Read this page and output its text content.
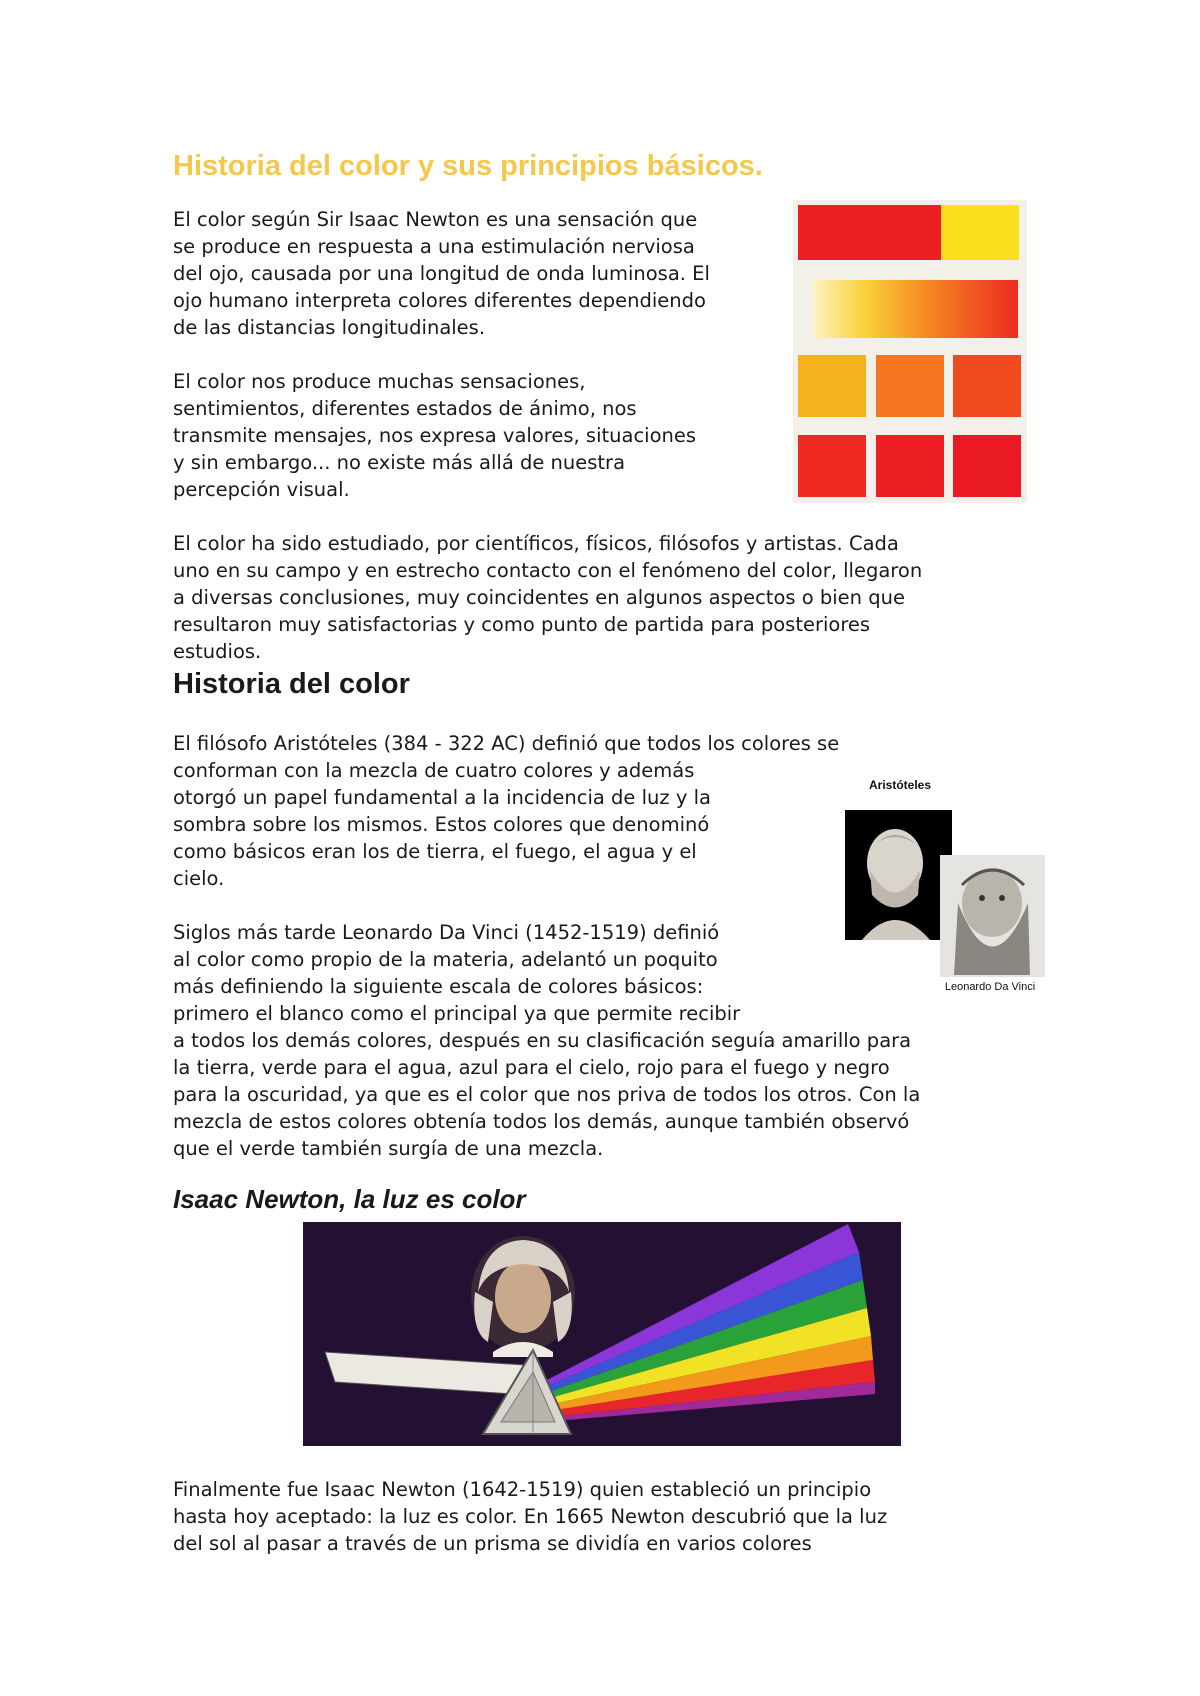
Historia del color y sus principios básicos.

El color según Sir Isaac Newton es una sensación que
se produce en respuesta a una estimulación nerviosa
del ojo, causada por una longitud de onda luminosa. El
ojo humano interpreta colores diferentes dependiendo
de las distancias longitudinales.

El color nos produce muchas sensaciones,
sentimientos, diferentes estados de ánimo, nos
transmite mensajes, nos expresa valores, situaciones
y sin embargo... no existe más allá de nuestra
percepción visual.

El color ha sido estudiado, por científicos, físicos, filósofos y artistas. Cada
uno en su campo y en estrecho contacto con el fenómeno del color, llegaron
a diversas conclusiones, muy coincidentes en algunos aspectos o bien que
resultaron muy satisfactorias y como punto de partida para posteriores
estudios.

Historia del color

El filósofo Aristóteles (384 - 322 AC) definió que todos los colores se
conforman con la mezcla de cuatro colores y además
otorgó un papel fundamental a la incidencia de luz y la
sombra sobre los mismos. Estos colores que denominó
como básicos eran los de tierra, el fuego, el agua y el
cielo.

Aristóteles
Leonardo Da Vinci

Siglos más tarde Leonardo Da Vinci (1452-1519) definió
al color como propio de la materia, adelantó un poquito
más definiendo la siguiente escala de colores básicos:
primero el blanco como el principal ya que permite recibir
a todos los demás colores, después en su clasificación seguía amarillo para
la tierra, verde para el agua, azul para el cielo, rojo para el fuego y negro
para la oscuridad, ya que es el color que nos priva de todos los otros. Con la
mezcla de estos colores obtenía todos los demás, aunque también observó
que el verde también surgía de una mezcla.

Isaac Newton, la luz es color

Finalmente fue Isaac Newton (1642-1519) quien estableció un principio
hasta hoy aceptado: la luz es color. En 1665 Newton descubrió que la luz
del sol al pasar a través de un prisma se dividía en varios colores
